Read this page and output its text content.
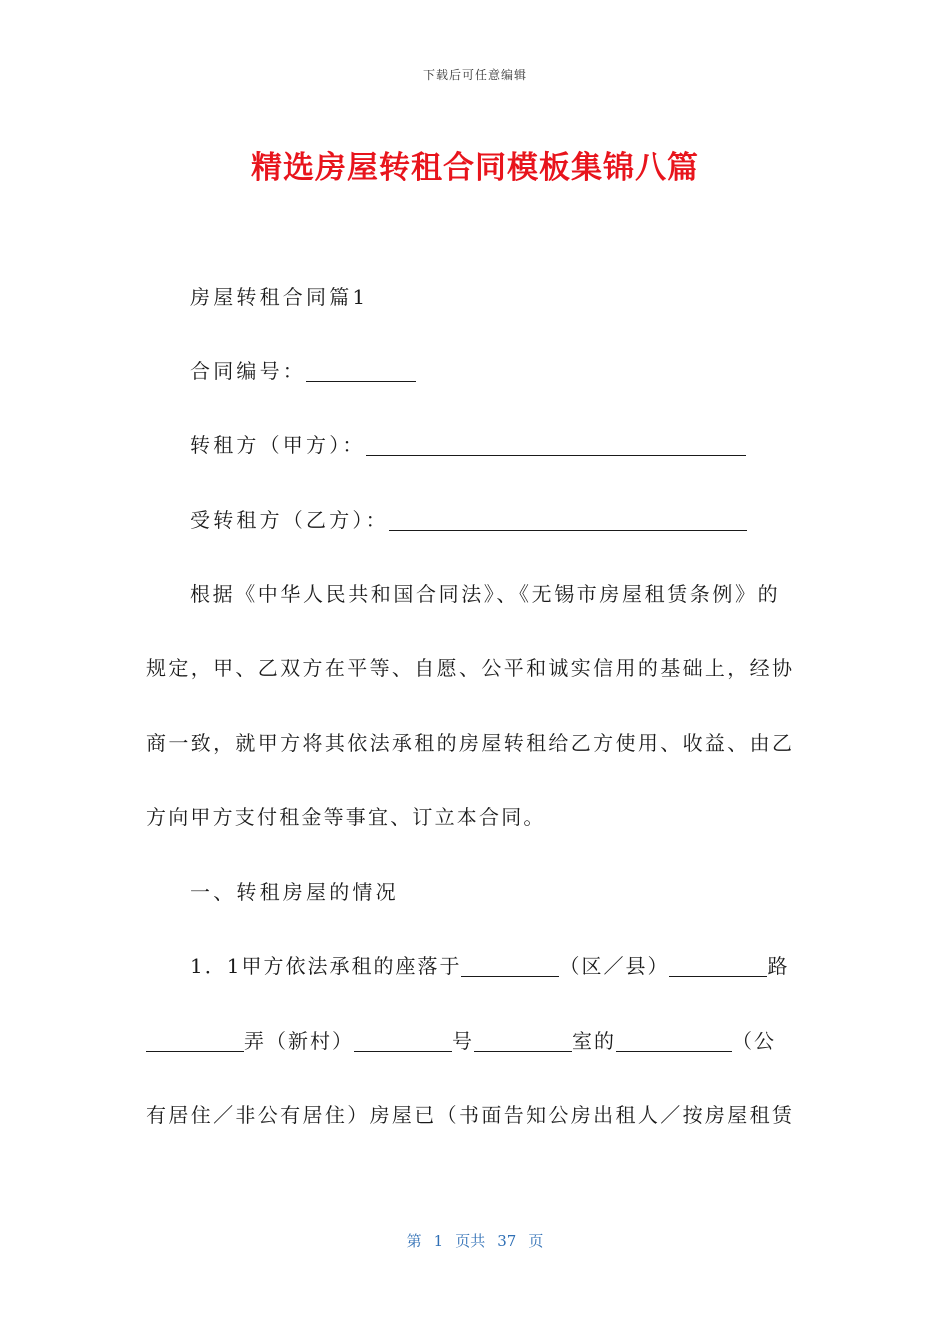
下载后可任意编辑
精选房屋转租合同模板集锦八篇
房屋转租合同篇1
合同编号：
转租方（甲方）：
受转租方（乙方）：
根据《中华人民共和国合同法》、《无锡市房屋租赁条例》的
规定，甲、乙双方在平等、自愿、公平和诚实信用的基础上，经协
商一致，就甲方将其依法承租的房屋转租给乙方使用、收益、由乙
方向甲方支付租金等事宜、订立本合同。
一、转租房屋的情况
1．1甲方依法承租的座落于	（区／县）	路
弄（新村）	号	室的	（公
有居住／非公有居住）房屋已（书面告知公房出租人／按房屋租赁
第 1 页共 37 页
